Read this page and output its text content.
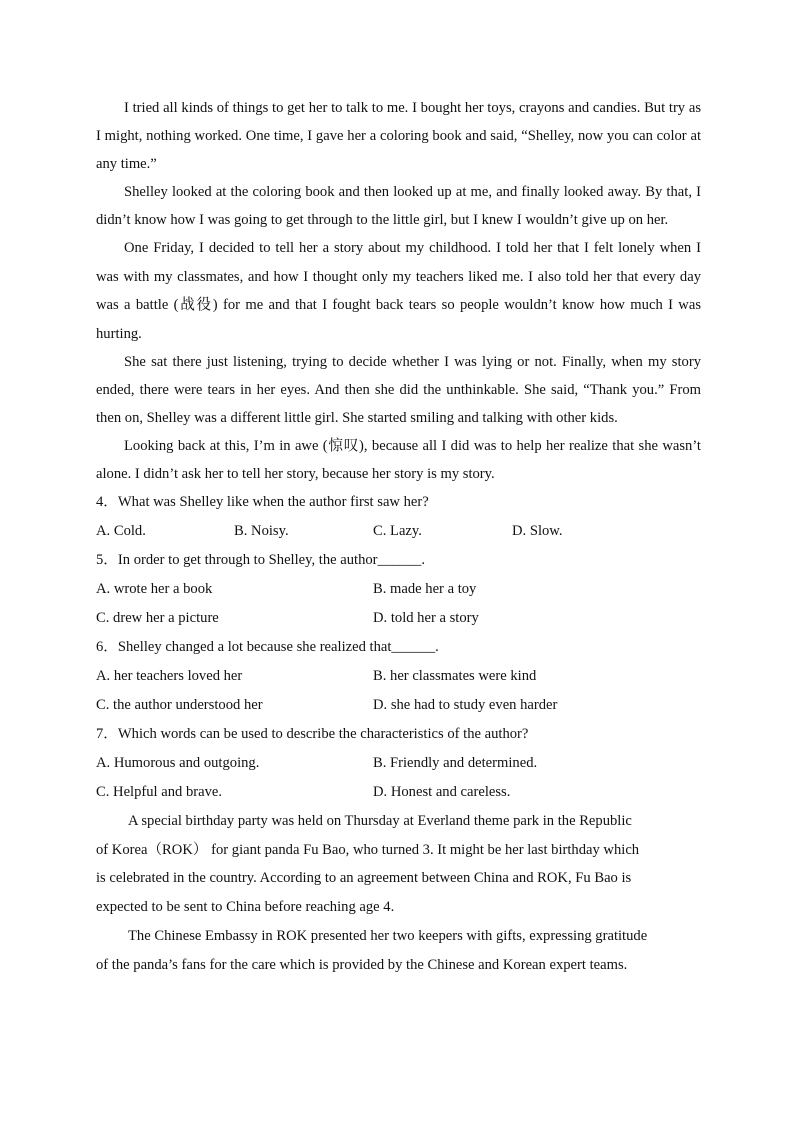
I tried all kinds of things to get her to talk to me. I bought her toys, crayons and candies. But try as I might, nothing worked. One time, I gave her a coloring book and said, “Shelley, now you can color at any time.”

Shelley looked at the coloring book and then looked up at me, and finally looked away. By that, I didn’t know how I was going to get through to the little girl, but I knew I wouldn’t give up on her.

One Friday, I decided to tell her a story about my childhood. I told her that I felt lonely when I was with my classmates, and how I thought only my teachers liked me. I also told her that every day was a battle (战役) for me and that I fought back tears so people wouldn’t know how much I was hurting.

She sat there just listening, trying to decide whether I was lying or not. Finally, when my story ended, there were tears in her eyes. And then she did the unthinkable. She said, “Thank you.” From then on, Shelley was a different little girl. She started smiling and talking with other kids.

Looking back at this, I’m in awe (惊叹), because all I did was to help her realize that she wasn’t alone. I didn’t ask her to tell her story, because her story is my story.

4．What was Shelley like when the author first saw her?

A. Cold.	B. Noisy.	C. Lazy.	D. Slow.

5．In order to get through to Shelley, the author______.

A. wrote her a book	B. made her a toy
C. drew her a picture	D. told her a story

6．Shelley changed a lot because she realized that______.

A. her teachers loved her	B. her classmates were kind
C. the author understood her	D. she had to study even harder

7．Which words can be used to describe the characteristics of the author?

A. Humorous and outgoing.	B. Friendly and determined.
C. Helpful and brave.	D. Honest and careless.

A special birthday party was held on Thursday at Everland theme park in the Republic

of Korea（ROK） for giant panda Fu Bao, who turned 3. It might be her last birthday which

is celebrated in the country. According to an agreement between China and ROK, Fu Bao is

expected to be sent to China before reaching age 4.

The Chinese Embassy in ROK presented her two keepers with gifts, expressing gratitude

of the panda’s fans for the care which is provided by the Chinese and Korean expert teams.
